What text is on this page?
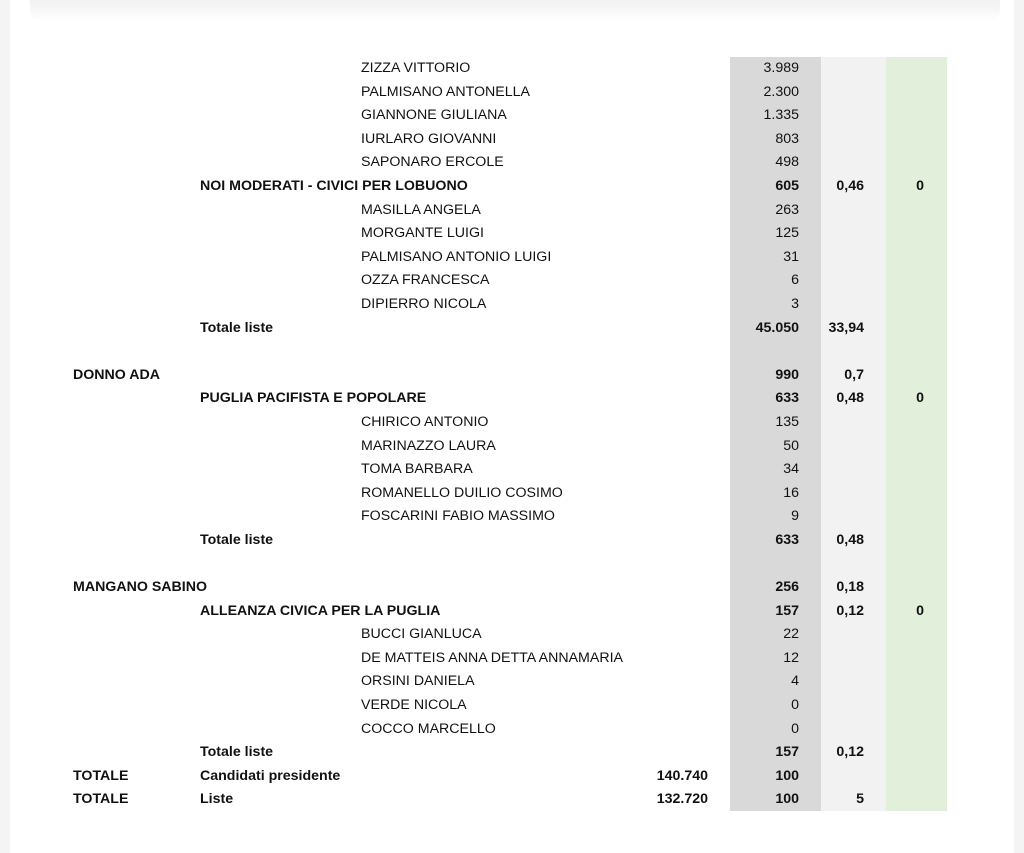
ZIZZA VITTORIO	3.989
PALMISANO ANTONELLA	2.300
GIANNONE GIULIANA	1.335
IURLARO GIOVANNI	803
SAPONARO ERCOLE	498
NOI MODERATI - CIVICI PER LOBUONO	605	0,46	0
MASILLA ANGELA	263
MORGANTE LUIGI	125
PALMISANO ANTONIO LUIGI	31
OZZA FRANCESCA	6
DIPIERRO NICOLA	3
Totale liste	45.050 33,94
DONNO ADA	990	0,7
PUGLIA PACIFISTA E POPOLARE	633	0,48	0
CHIRICO ANTONIO	135
MARINAZZO LAURA	50
TOMA BARBARA	34
ROMANELLO DUILIO COSIMO	16
FOSCARINI FABIO MASSIMO	9
Totale liste	633	0,48
MANGANO SABINO	256	0,18
ALLEANZA CIVICA PER LA PUGLIA	157	0,12	0
BUCCI GIANLUCA	22
DE MATTEIS ANNA DETTA ANNAMARIA	12
ORSINI DANIELA	4
VERDE NICOLA	0
COCCO MARCELLO	0
Totale liste	157	0,12
TOTALE	Candidati presidente	140.740	100
TOTALE	Liste	132.720	100	5
